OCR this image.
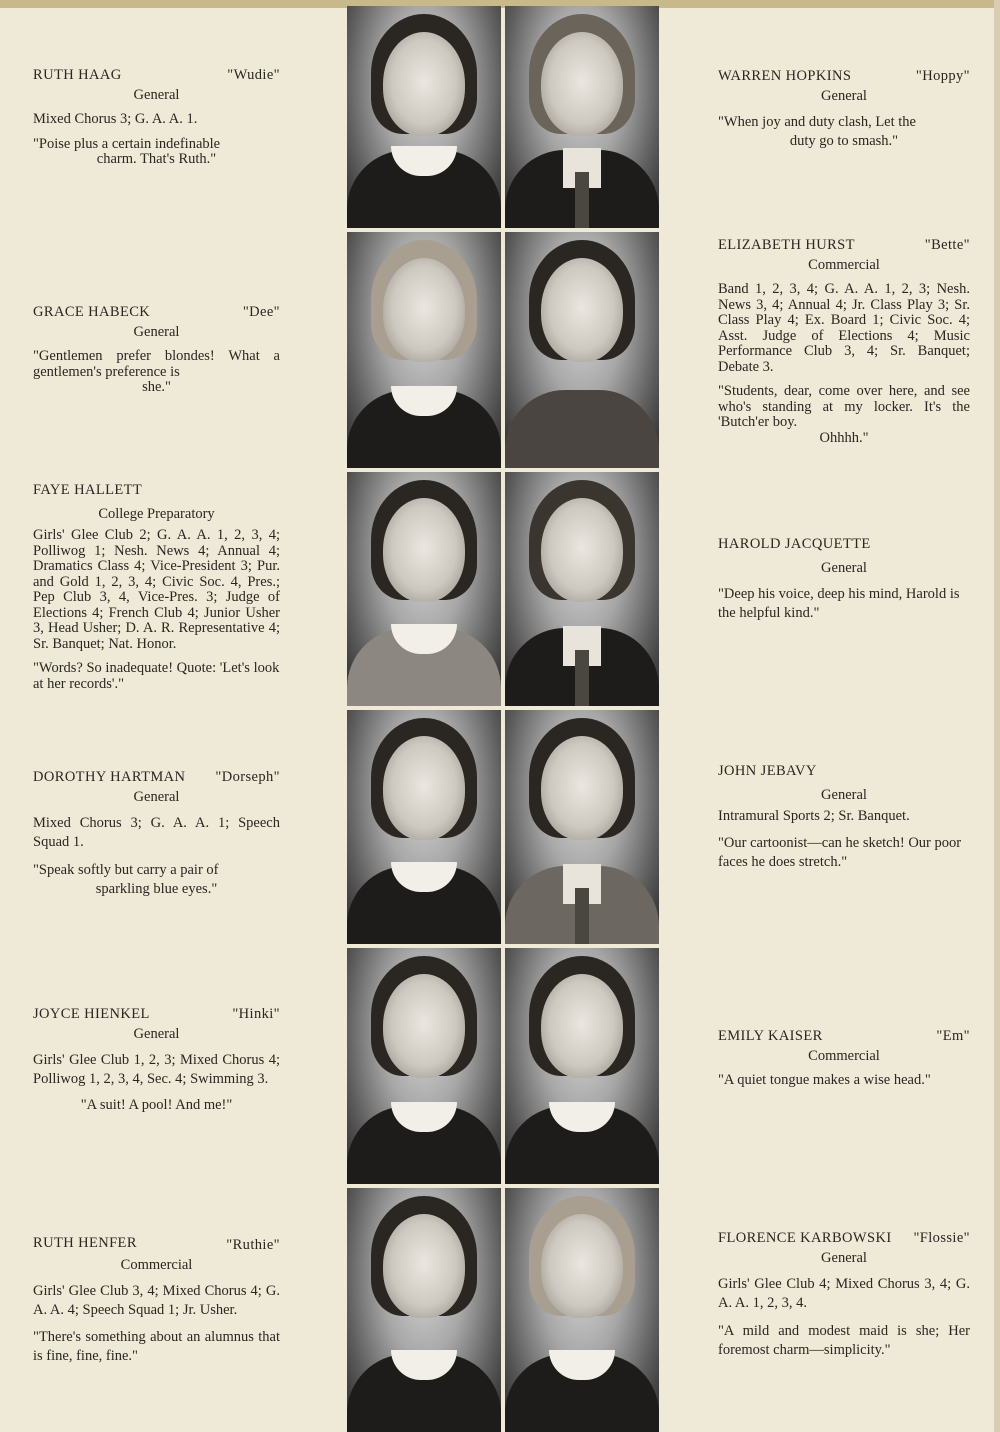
RUTH HAAG	"Wudie"
General
Mixed Chorus 3; G. A. A. 1.
"Poise plus a certain indefinable
charm. That's Ruth."
GRACE HABECK	"Dee"
General
"Gentlemen prefer blondes! What a gentlemen's preference is
she."
FAYE HALLETT
College Preparatory
Girls' Glee Club 2; G. A. A. 1, 2, 3, 4; Polliwog 1; Nesh. News 4; Annual 4; Dramatics Class 4; Vice-President 3; Pur. and Gold 1, 2, 3, 4; Civic Soc. 4, Pres.; Pep Club 3, 4, Vice-Pres. 3; Judge of Elections 4; French Club 4; Junior Usher 3, Head Usher; D. A. R. Representative 4; Sr. Banquet; Nat. Honor.
"Words? So inadequate! Quote: 'Let's look at her records'."
DOROTHY HARTMAN "Dorseph"
General
Mixed Chorus 3; G. A. A. 1; Speech Squad 1.
"Speak softly but carry a pair of
sparkling blue eyes."
JOYCE HIENKEL	"Hinki"
General
Girls' Glee Club 1, 2, 3; Mixed Chorus 4; Polliwog 1, 2, 3, 4, Sec. 4; Swimming 3.
"A suit! A pool! And me!"
RUTH HENFER	"Ruthie"
Commercial
Girls' Glee Club 3, 4; Mixed Chorus 4; G. A. A. 4; Speech Squad 1; Jr. Usher.
"There's something about an alumnus that is fine, fine, fine."
WARREN HOPKINS	"Hoppy"
General
"When joy and duty clash, Let the
duty go to smash."
ELIZABETH HURST	"Bette"
Commercial
Band 1, 2, 3, 4; G. A. A. 1, 2, 3; Nesh. News 3, 4; Annual 4; Jr. Class Play 3; Sr. Class Play 4; Ex. Board 1; Civic Soc. 4; Asst. Judge of Elections 4; Music Performance Club 3, 4; Sr. Banquet; Debate 3.
"Students, dear, come over here, and see who's standing at my locker. It's the 'Butch'er boy.
Ohhhh."
HAROLD JACQUETTE
General
"Deep his voice, deep his mind, Harold is the helpful kind."
JOHN JEBAVY
General
Intramural Sports 2; Sr. Banquet.
"Our cartoonist—can he sketch! Our poor faces he does stretch."
EMILY KAISER	"Em"
Commercial
"A quiet tongue makes a wise head."
FLORENCE KARBOWSKI "Flossie"
General
Girls' Glee Club 4; Mixed Chorus 3, 4; G. A. A. 1, 2, 3, 4.
"A mild and modest maid is she; Her foremost charm—simplicity."
